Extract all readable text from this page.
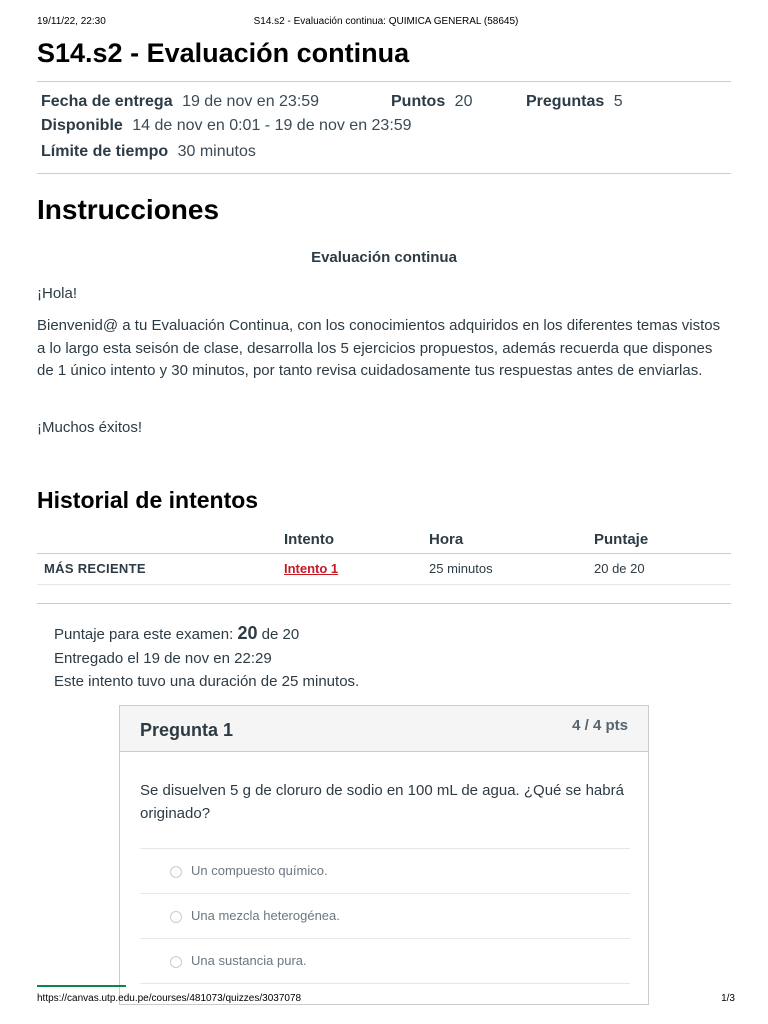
19/11/22, 22:30	S14.s2 - Evaluación continua: QUIMICA GENERAL (58645)
S14.s2 - Evaluación continua
Fecha de entrega 19 de nov en 23:59	Puntos 20	Preguntas 5
Disponible 14 de nov en 0:01 - 19 de nov en 23:59
Límite de tiempo 30 minutos
Instrucciones
Evaluación continua

¡Hola!

Bienvenid@ a tu Evaluación Continua, con los conocimientos adquiridos en los diferentes temas vistos a lo largo esta seisón de clase, desarrolla los 5 ejercicios propuestos, además recuerda que dispones de 1 único intento y 30 minutos, por tanto revisa cuidadosamente tus respuestas antes de enviarlas.

¡Muchos éxitos!

Historial de intentos
Intento	Hora	Puntaje
MÁS RECIENTE	Intento 1	25 minutos	20 de 20
Puntaje para este examen: 20 de 20
Entregado el 19 de nov en 22:29
Este intento tuvo una duración de 25 minutos.
Pregunta 1	4 / 4 pts
Se disuelven 5 g de cloruro de sodio en 100 mL de agua. ¿Qué se habrá originado?
Un compuesto químico.
Una mezcla heterogénea.
Una sustancia pura.
https://canvas.utp.edu.pe/courses/481073/quizzes/3037078	1/3
